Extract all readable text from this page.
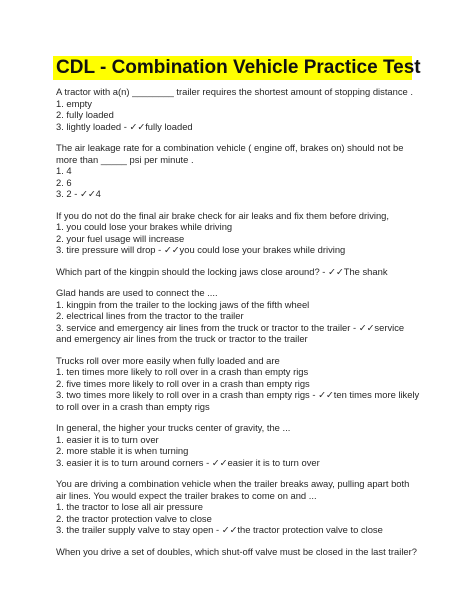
CDL - Combination Vehicle Practice Test
A tractor with a(n) ________ trailer requires the shortest amount of stopping distance .
1. empty
2. fully loaded
3. lightly loaded - ✓✓fully loaded
The air leakage rate for a combination vehicle ( engine off, brakes on) should not be
more than _____ psi per minute .
1. 4
2. 6
3. 2 - ✓✓4
If you do not do the final air brake check for air leaks and fix them before driving,
1. you could lose your brakes while driving
2. your fuel usage will increase
3. tire pressure will drop - ✓✓you could lose your brakes while driving
Which part of the kingpin should the locking jaws close around? - ✓✓The shank
Glad hands are used to connect the ....
1. kingpin from the trailer to the locking jaws of the fifth wheel
2. electrical lines from the tractor to the trailer
3. service and emergency air lines from the truck or tractor to the trailer - ✓✓service
and emergency air lines from the truck or tractor to the trailer
Trucks roll over more easily when fully loaded and are
1. ten times more likely to roll over in a crash than empty rigs
2. five times more likely to roll over in a crash than empty rigs
3. two times more likely to roll over in a crash than empty rigs - ✓✓ten times more likely
to roll over in a crash than empty rigs
In general, the higher your trucks center of gravity, the ...
1. easier it is to turn over
2. more stable it is when turning
3. easier it is to turn around corners - ✓✓easier it is to turn over
You are driving a combination vehicle when the trailer breaks away, pulling apart both
air lines. You would expect the trailer brakes to come on and ...
1. the tractor to lose all air pressure
2. the tractor protection valve to close
3. the trailer supply valve to stay open - ✓✓the tractor protection valve to close
When you drive a set of doubles, which shut-off valve must be closed in the last trailer?
